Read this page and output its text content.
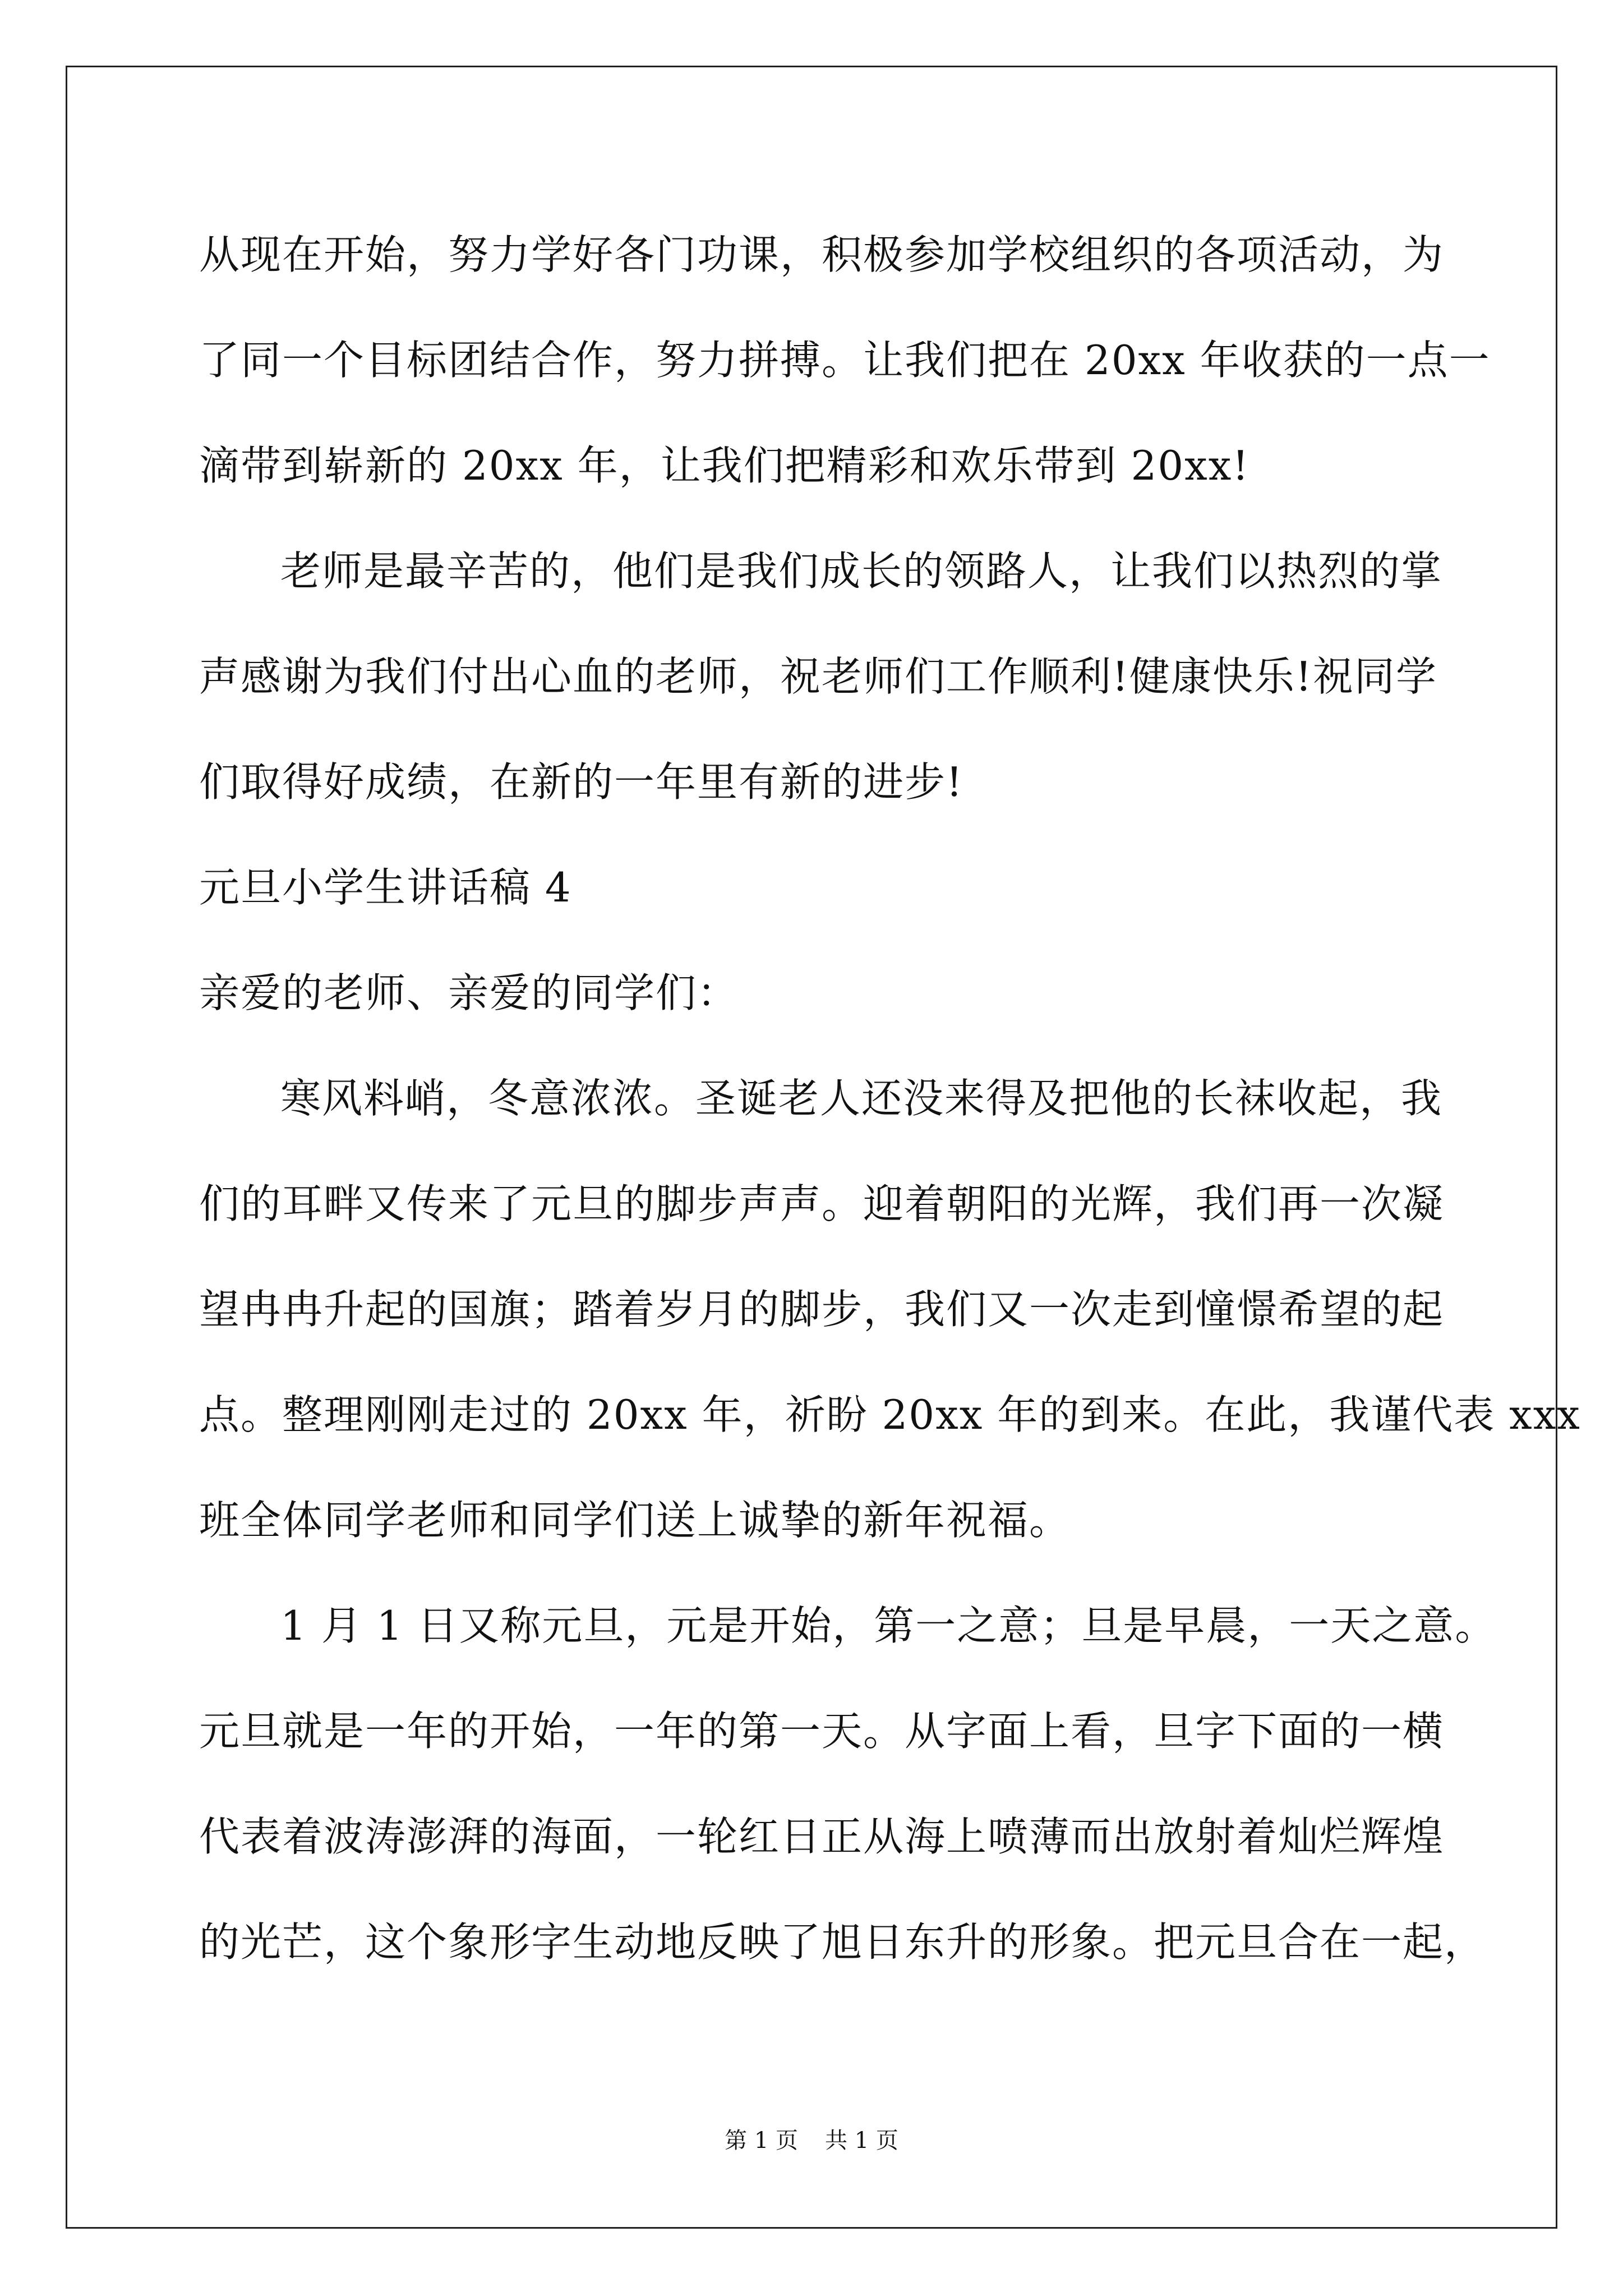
从现在开始，努力学好各门功课，积极参加学校组织的各项活动，为
了同一个目标团结合作，努力拼搏。让我们把在 20xx 年收获的一点一
滴带到崭新的 20xx 年，让我们把精彩和欢乐带到 20xx!
老师是最辛苦的，他们是我们成长的领路人，让我们以热烈的掌
声感谢为我们付出心血的老师，祝老师们工作顺利!健康快乐!祝同学
们取得好成绩，在新的一年里有新的进步!
元旦小学生讲话稿 4
亲爱的老师、亲爱的同学们：
寒风料峭，冬意浓浓。圣诞老人还没来得及把他的长袜收起，我
们的耳畔又传来了元旦的脚步声声。迎着朝阳的光辉，我们再一次凝
望冉冉升起的国旗；踏着岁月的脚步，我们又一次走到憧憬希望的起
点。整理刚刚走过的 20xx 年，祈盼 20xx 年的到来。在此，我谨代表 xxx
班全体同学老师和同学们送上诚挚的新年祝福。
1 月 1 日又称元旦，元是开始，第一之意；旦是早晨，一天之意。
元旦就是一年的开始，一年的第一天。从字面上看，旦字下面的一横
代表着波涛澎湃的海面，一轮红日正从海上喷薄而出放射着灿烂辉煌
的光芒，这个象形字生动地反映了旭日东升的形象。把元旦合在一起，
第 1 页 共 1 页
